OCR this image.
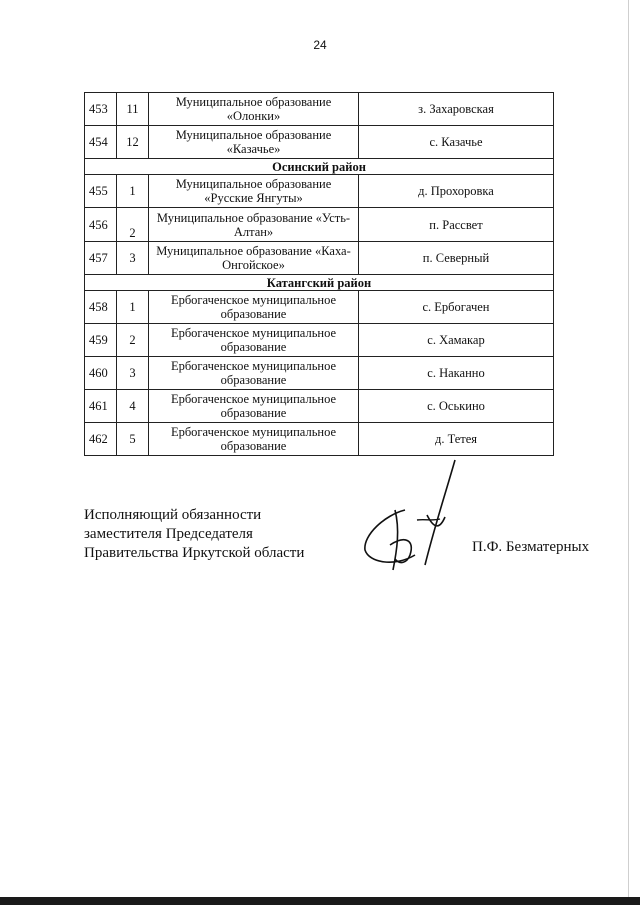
24
453	11	Муниципальное образование «Олонки»	з. Захаровская
454	12	Муниципальное образование «Казачье»	с. Казачье
Осинский район			
455	1	Муниципальное образование «Русские Янгуты»	д. Прохоровка
456	2	Муниципальное образование «Усть-Алтан»	п. Рассвет
457	3	Муниципальное образование «Каха-Онгойское»	п. Северный
Катангский район			
458	1	Ербогаченское муниципальное образование	с. Ербогачен
459	2	Ербогаченское муниципальное образование	с. Хамакар
460	3	Ербогаченское муниципальное образование	с. Наканно
461	4	Ербогаченское муниципальное образование	с. Оськино
462	5	Ербогаченское муниципальное образование	д. Тетея
Исполняющий обязанности
заместителя Председателя
Правительства Иркутской области	П.Ф. Безматерных
